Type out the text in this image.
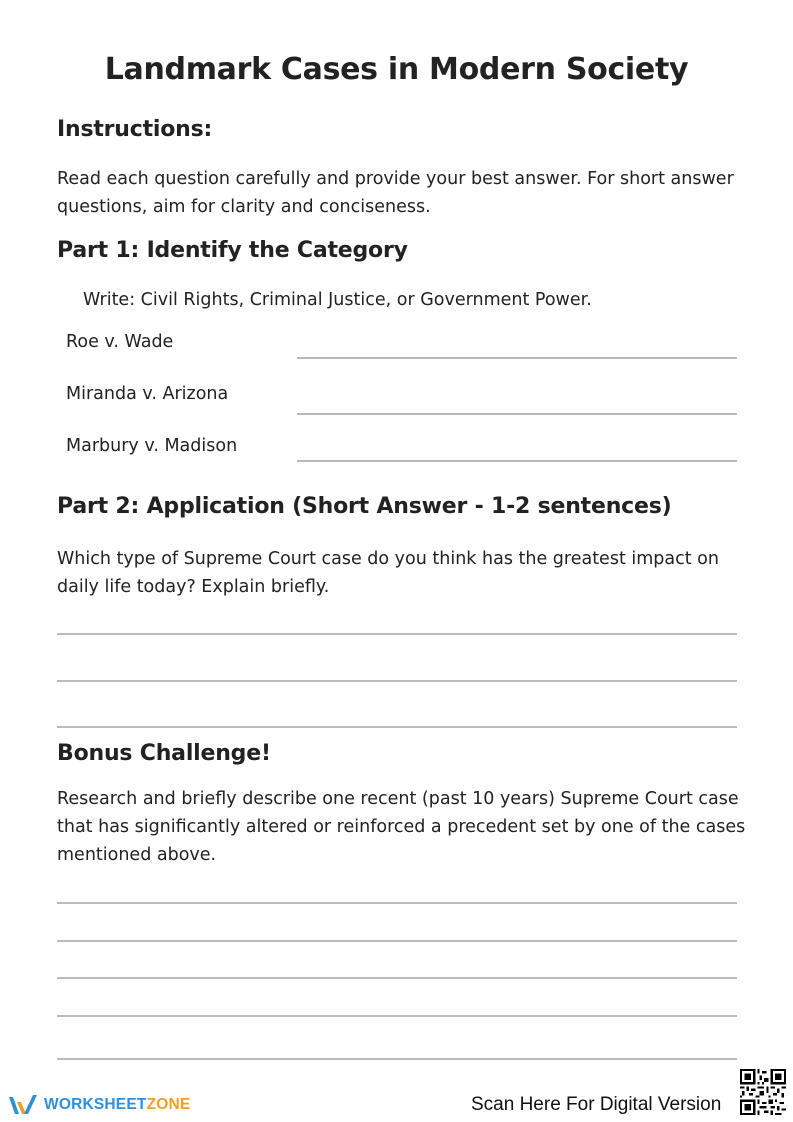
Landmark Cases in Modern Society
Instructions:
Read each question carefully and provide your best answer. For short answer questions, aim for clarity and conciseness.
Part 1: Identify the Category
Write: Civil Rights, Criminal Justice, or Government Power.
Roe v. Wade
Miranda v. Arizona
Marbury v. Madison
Part 2: Application (Short Answer - 1-2 sentences)
Which type of Supreme Court case do you think has the greatest impact on daily life today? Explain briefly.
Bonus Challenge!
Research and briefly describe one recent (past 10 years) Supreme Court case that has significantly altered or reinforced a precedent set by one of the cases mentioned above.
WORKSHEETZONE	Scan Here For Digital Version
